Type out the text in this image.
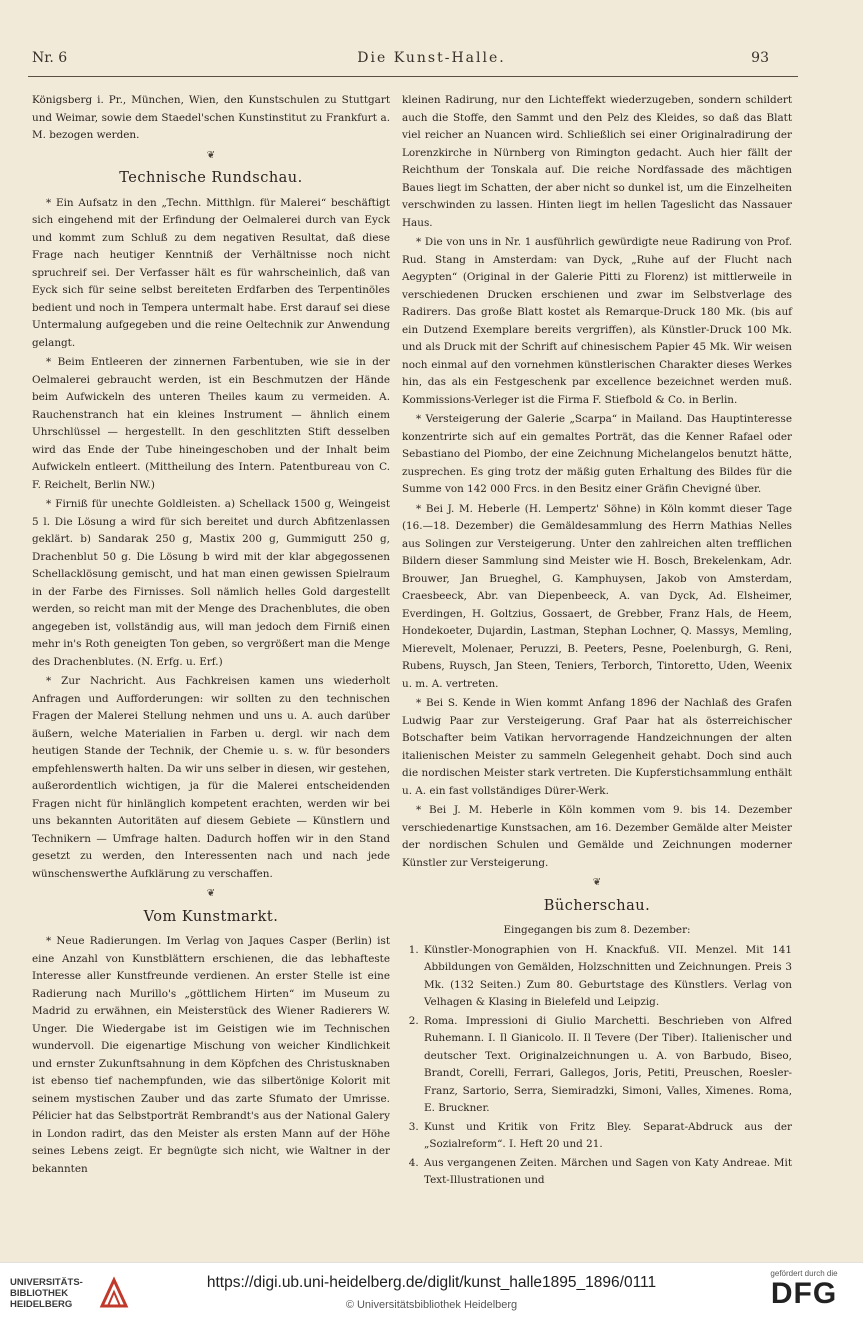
Nr. 6	Die Kunst-Halle.	93

Königsberg i. Pr., München, Wien, den Kunstschulen zu Stuttgart und Weimar, sowie dem Staedel'schen Kunstinstitut zu Frankfurt a. M. bezogen werden.

❦
Technische Rundschau.

* Ein Aufsatz in den „Techn. Mitthlgn. für Malerei“ beschäftigt sich eingehend mit der Erfindung der Oelmalerei durch van Eyck und kommt zum Schluß zu dem negativen Resultat, daß diese Frage nach heutiger Kenntniß der Verhältnisse noch nicht spruchreif sei. Der Verfasser hält es für wahrscheinlich, daß van Eyck sich für seine selbst bereiteten Erdfarben des Terpentinöles bedient und noch in Tempera untermalt habe. Erst darauf sei diese Untermalung aufgegeben und die reine Oeltechnik zur Anwendung gelangt.

* Beim Entleeren der zinnernen Farbentuben, wie sie in der Oelmalerei gebraucht werden, ist ein Beschmutzen der Hände beim Aufwickeln des unteren Theiles kaum zu vermeiden. A. Rauchenstranch hat ein kleines Instrument — ähnlich einem Uhrschlüssel — hergestellt. In den geschlitzten Stift desselben wird das Ende der Tube hineingeschoben und der Inhalt beim Aufwickeln entleert. (Mittheilung des Intern. Patentbureau von C. F. Reichelt, Berlin NW.)

* Firniß für unechte Goldleisten. a) Schellack 1500 g, Weingeist 5 l. Die Lösung a wird für sich bereitet und durch Abfitzenlassen geklärt. b) Sandarak 250 g, Mastix 200 g, Gummigutt 250 g, Drachenblut 50 g. Die Lösung b wird mit der klar abgegossenen Schellacklösung gemischt, und hat man einen gewissen Spielraum in der Farbe des Firnisses. Soll nämlich helles Gold dargestellt werden, so reicht man mit der Menge des Drachenblutes, die oben angegeben ist, vollständig aus, will man jedoch dem Firniß einen mehr in's Roth geneigten Ton geben, so vergrößert man die Menge des Drachenblutes. (N. Erfg. u. Erf.)

* Zur Nachricht. Aus Fachkreisen kamen uns wiederholt Anfragen und Aufforderungen: wir sollten zu den technischen Fragen der Malerei Stellung nehmen und uns u. A. auch darüber äußern, welche Materialien in Farben u. dergl. wir nach dem heutigen Stande der Technik, der Chemie u. s. w. für besonders empfehlenswerth halten. Da wir uns selber in diesen, wir gestehen, außerordentlich wichtigen, ja für die Malerei entscheidenden Fragen nicht für hinlänglich kompetent erachten, werden wir bei uns bekannten Autoritäten auf diesem Gebiete — Künstlern und Technikern — Umfrage halten. Dadurch hoffen wir in den Stand gesetzt zu werden, den Interessenten nach und nach jede wünschenswerthe Aufklärung zu verschaffen.

❦
Vom Kunstmarkt.

* Neue Radierungen. Im Verlag von Jaques Casper (Berlin) ist eine Anzahl von Kunstblättern erschienen, die das lebhafteste Interesse aller Kunstfreunde verdienen. An erster Stelle ist eine Radierung nach Murillo's „göttlichem Hirten“ im Museum zu Madrid zu erwähnen, ein Meisterstück des Wiener Radierers W. Unger. Die Wiedergabe ist im Geistigen wie im Technischen wundervoll. Die eigenartige Mischung von weicher Kindlichkeit und ernster Zukunftsahnung in dem Köpfchen des Christusknaben ist ebenso tief nachempfunden, wie das silbertönige Kolorit mit seinem mystischen Zauber und das zarte Sfumato der Umrisse. Pélicier hat das Selbstporträt Rembrandt's aus der National Galery in London radirt, das den Meister als ersten Mann auf der Höhe seines Lebens zeigt. Er begnügte sich nicht, wie Waltner in der bekannten

kleinen Radirung, nur den Lichteffekt wiederzugeben, sondern schildert auch die Stoffe, den Sammt und den Pelz des Kleides, so daß das Blatt viel reicher an Nuancen wird. Schließlich sei einer Originalradirung der Lorenzkirche in Nürnberg von Rimington gedacht. Auch hier fällt der Reichthum der Tonskala auf. Die reiche Nordfassade des mächtigen Baues liegt im Schatten, der aber nicht so dunkel ist, um die Einzelheiten verschwinden zu lassen. Hinten liegt im hellen Tageslicht das Nassauer Haus.

* Die von uns in Nr. 1 ausführlich gewürdigte neue Radirung von Prof. Rud. Stang in Amsterdam: van Dyck, „Ruhe auf der Flucht nach Aegypten“ (Original in der Galerie Pitti zu Florenz) ist mittlerweile in verschiedenen Drucken erschienen und zwar im Selbstverlage des Radirers. Das große Blatt kostet als Remarque-Druck 180 Mk. (bis auf ein Dutzend Exemplare bereits vergriffen), als Künstler-Druck 100 Mk. und als Druck mit der Schrift auf chinesischem Papier 45 Mk. Wir weisen noch einmal auf den vornehmen künstlerischen Charakter dieses Werkes hin, das als ein Festgeschenk par excellence bezeichnet werden muß. Kommissions-Verleger ist die Firma F. Stiefbold & Co. in Berlin.

* Versteigerung der Galerie „Scarpa“ in Mailand. Das Hauptinteresse konzentrirte sich auf ein gemaltes Porträt, das die Kenner Rafael oder Sebastiano del Piombo, der eine Zeichnung Michelangelos benutzt hätte, zusprechen. Es ging trotz der mäßig guten Erhaltung des Bildes für die Summe von 142 000 Frcs. in den Besitz einer Gräfin Chevigné über.

* Bei J. M. Heberle (H. Lempertz' Söhne) in Köln kommt dieser Tage (16.—18. Dezember) die Gemäldesammlung des Herrn Mathias Nelles aus Solingen zur Versteigerung. Unter den zahlreichen alten trefflichen Bildern dieser Sammlung sind Meister wie H. Bosch, Brekelenkam, Adr. Brouwer, Jan Brueghel, G. Kamphuysen, Jakob von Amsterdam, Craesbeeck, Abr. van Diepenbeeck, A. van Dyck, Ad. Elsheimer, Everdingen, H. Goltzius, Gossaert, de Grebber, Franz Hals, de Heem, Hondekoeter, Dujardin, Lastman, Stephan Lochner, Q. Massys, Memling, Mierevelt, Molenaer, Peruzzi, B. Peeters, Pesne, Poelenburgh, G. Reni, Rubens, Ruysch, Jan Steen, Teniers, Terborch, Tintoretto, Uden, Weenix u. m. A. vertreten.

* Bei S. Kende in Wien kommt Anfang 1896 der Nachlaß des Grafen Ludwig Paar zur Versteigerung. Graf Paar hat als österreichischer Botschafter beim Vatikan hervorragende Handzeichnungen der alten italienischen Meister zu sammeln Gelegenheit gehabt. Doch sind auch die nordischen Meister stark vertreten. Die Kupferstichsammlung enthält u. A. ein fast vollständiges Dürer-Werk.

* Bei J. M. Heberle in Köln kommen vom 9. bis 14. Dezember verschiedenartige Kunstsachen, am 16. Dezember Gemälde alter Meister der nordischen Schulen und Gemälde und Zeichnungen moderner Künstler zur Versteigerung.

❦
Bücherschau.

Eingegangen bis zum 8. Dezember:

1. Künstler-Monographien von H. Knackfuß. VII. Menzel. Mit 141 Abbildungen von Gemälden, Holzschnitten und Zeichnungen. Preis 3 Mk. (132 Seiten.) Zum 80. Geburtstage des Künstlers. Verlag von Velhagen & Klasing in Bielefeld und Leipzig.
2. Roma. Impressioni di Giulio Marchetti. Beschrieben von Alfred Ruhemann. I. Il Gianicolo. II. Il Tevere (Der Tiber). Italienischer und deutscher Text. Originalzeichnungen u. A. von Barbudo, Biseo, Brandt, Corelli, Ferrari, Gallegos, Joris, Petiti, Preuschen, Roesler-Franz, Sartorio, Serra, Siemiradzki, Simoni, Valles, Ximenes. Roma, E. Bruckner.
3. Kunst und Kritik von Fritz Bley. Separat-Abdruck aus der „Sozialreform“. I. Heft 20 und 21.
4. Aus vergangenen Zeiten. Märchen und Sagen von Katy Andreae. Mit Text-Illustrationen und
UNIVERSITÄTS-
BIBLIOTHEK
HEIDELBERG
https://digi.ub.uni-heidelberg.de/diglit/kunst_halle1895_1896/0111
© Universitätsbibliothek Heidelberg
gefördert durch die
DFG
